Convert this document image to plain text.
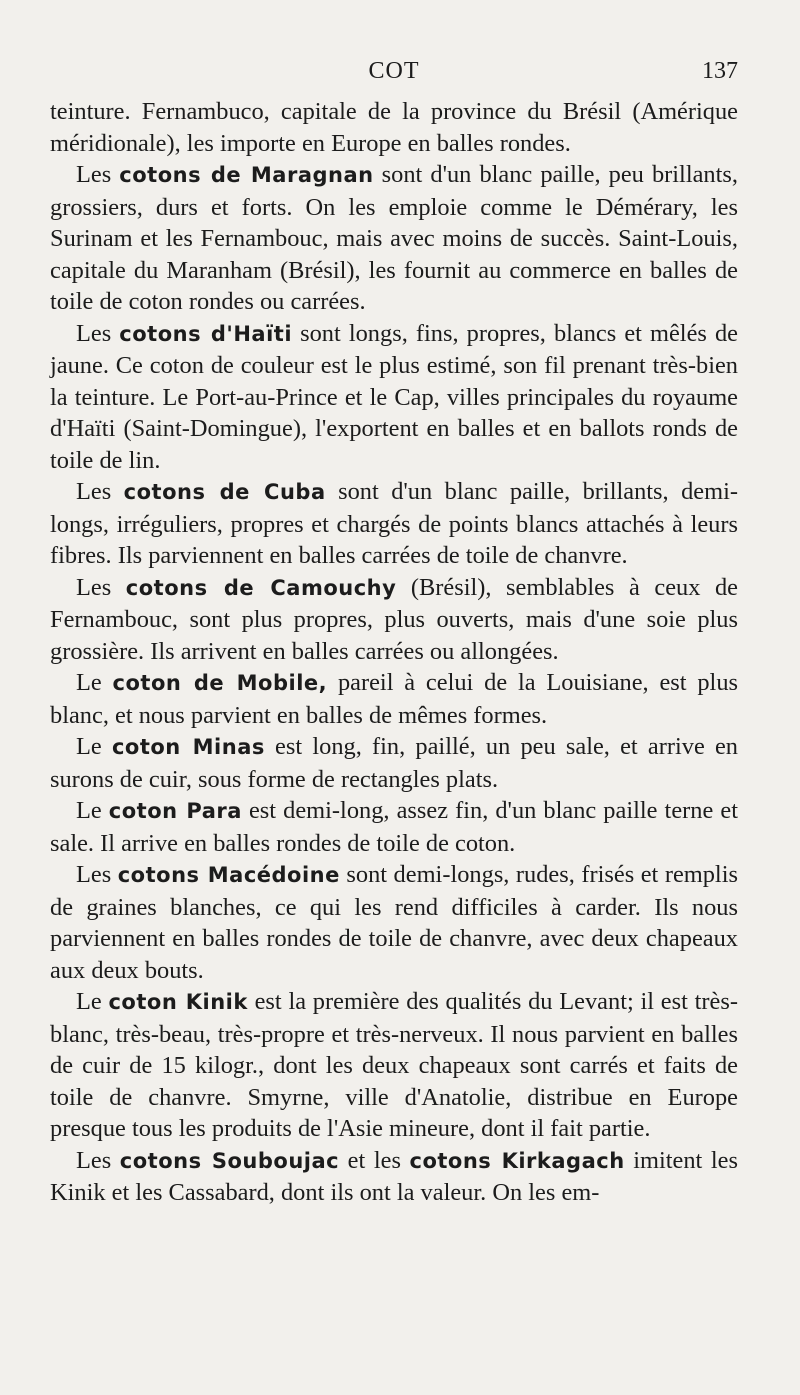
COT	137

teinture. Fernambuco, capitale de la province du Brésil (Amérique méridionale), les importe en Europe en balles rondes.

Les cotons de Maragnan sont d'un blanc paille, peu brillants, grossiers, durs et forts. On les emploie comme le Démérary, les Surinam et les Fernambouc, mais avec moins de succès. Saint-Louis, capitale du Maranham (Brésil), les fournit au commerce en balles de toile de coton rondes ou carrées.

Les cotons d'Haïti sont longs, fins, propres, blancs et mêlés de jaune. Ce coton de couleur est le plus estimé, son fil prenant très-bien la teinture. Le Port-au-Prince et le Cap, villes principales du royaume d'Haïti (Saint-Domingue), l'exportent en balles et en ballots ronds de toile de lin.

Les cotons de Cuba sont d'un blanc paille, brillants, demi-longs, irréguliers, propres et chargés de points blancs attachés à leurs fibres. Ils parviennent en balles carrées de toile de chanvre.

Les cotons de Camouchy (Brésil), semblables à ceux de Fernambouc, sont plus propres, plus ouverts, mais d'une soie plus grossière. Ils arrivent en balles carrées ou allongées.

Le coton de Mobile, pareil à celui de la Louisiane, est plus blanc, et nous parvient en balles de mêmes formes.

Le coton Minas est long, fin, paillé, un peu sale, et arrive en surons de cuir, sous forme de rectangles plats.

Le coton Para est demi-long, assez fin, d'un blanc paille terne et sale. Il arrive en balles rondes de toile de coton.

Les cotons Macédoine sont demi-longs, rudes, frisés et remplis de graines blanches, ce qui les rend difficiles à carder. Ils nous parviennent en balles rondes de toile de chanvre, avec deux chapeaux aux deux bouts.

Le coton Kinik est la première des qualités du Levant; il est très-blanc, très-beau, très-propre et très-nerveux. Il nous parvient en balles de cuir de 15 kilogr., dont les deux chapeaux sont carrés et faits de toile de chanvre. Smyrne, ville d'Anatolie, distribue en Europe presque tous les produits de l'Asie mineure, dont il fait partie.

Les cotons Souboujac et les cotons Kirkagach imitent les Kinik et les Cassabard, dont ils ont la valeur. On les em-
